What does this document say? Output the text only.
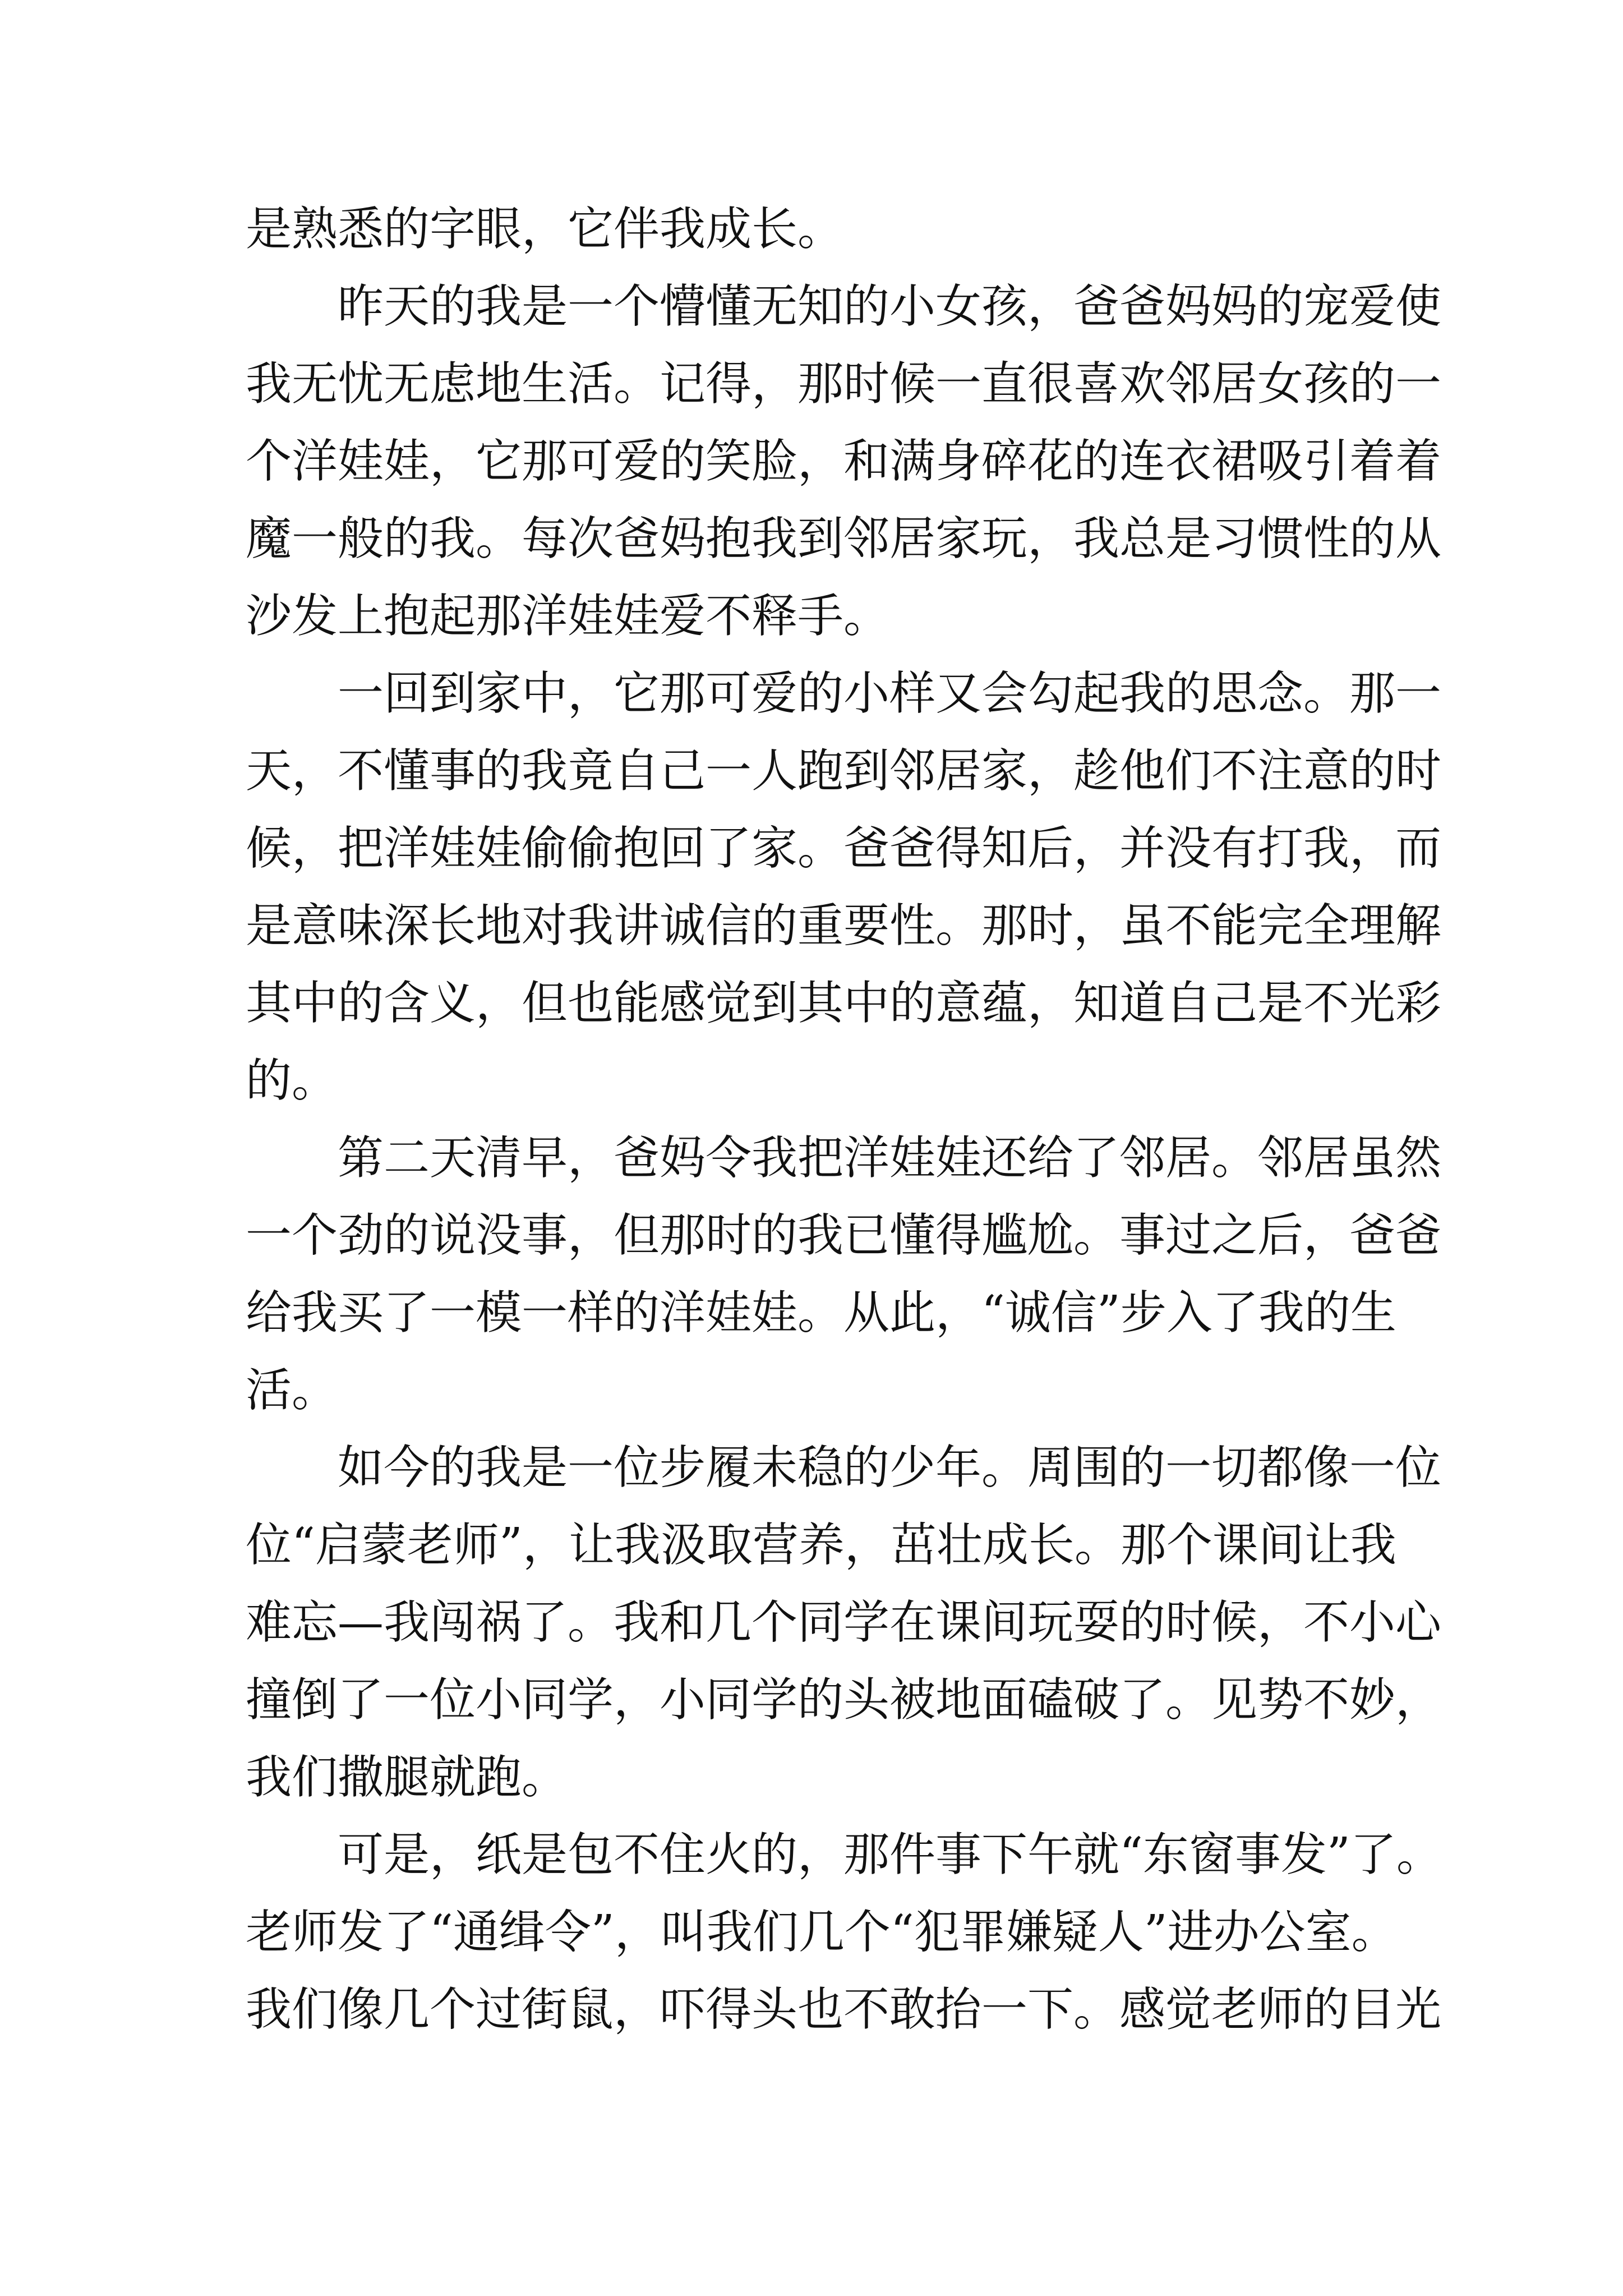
是熟悉的字眼，它伴我成长。
昨天的我是一个懵懂无知的小女孩，爸爸妈妈的宠爱使
我无忧无虑地生活。记得，那时候一直很喜欢邻居女孩的一
个洋娃娃，它那可爱的笑脸，和满身碎花的连衣裙吸引着着
魔一般的我。每次爸妈抱我到邻居家玩，我总是习惯性的从
沙发上抱起那洋娃娃爱不释手。
一回到家中，它那可爱的小样又会勾起我的思念。那一
天，不懂事的我竟自己一人跑到邻居家，趁他们不注意的时
候，把洋娃娃偷偷抱回了家。爸爸得知后，并没有打我，而
是意味深长地对我讲诚信的重要性。那时，虽不能完全理解
其中的含义，但也能感觉到其中的意蕴，知道自己是不光彩
的。
第二天清早，爸妈令我把洋娃娃还给了邻居。邻居虽然
一个劲的说没事，但那时的我已懂得尴尬。事过之后，爸爸
给我买了一模一样的洋娃娃。从此，“诚信”步入了我的生
活。
如今的我是一位步履未稳的少年。周围的一切都像一位
位“启蒙老师”，让我汲取营养，茁壮成长。那个课间让我
难忘—我闯祸了。我和几个同学在课间玩耍的时候，不小心
撞倒了一位小同学，小同学的头被地面磕破了。见势不妙，
我们撒腿就跑。
可是，纸是包不住火的，那件事下午就“东窗事发”了。
老师发了“通缉令”，叫我们几个“犯罪嫌疑人”进办公室。
我们像几个过街鼠，吓得头也不敢抬一下。感觉老师的目光
